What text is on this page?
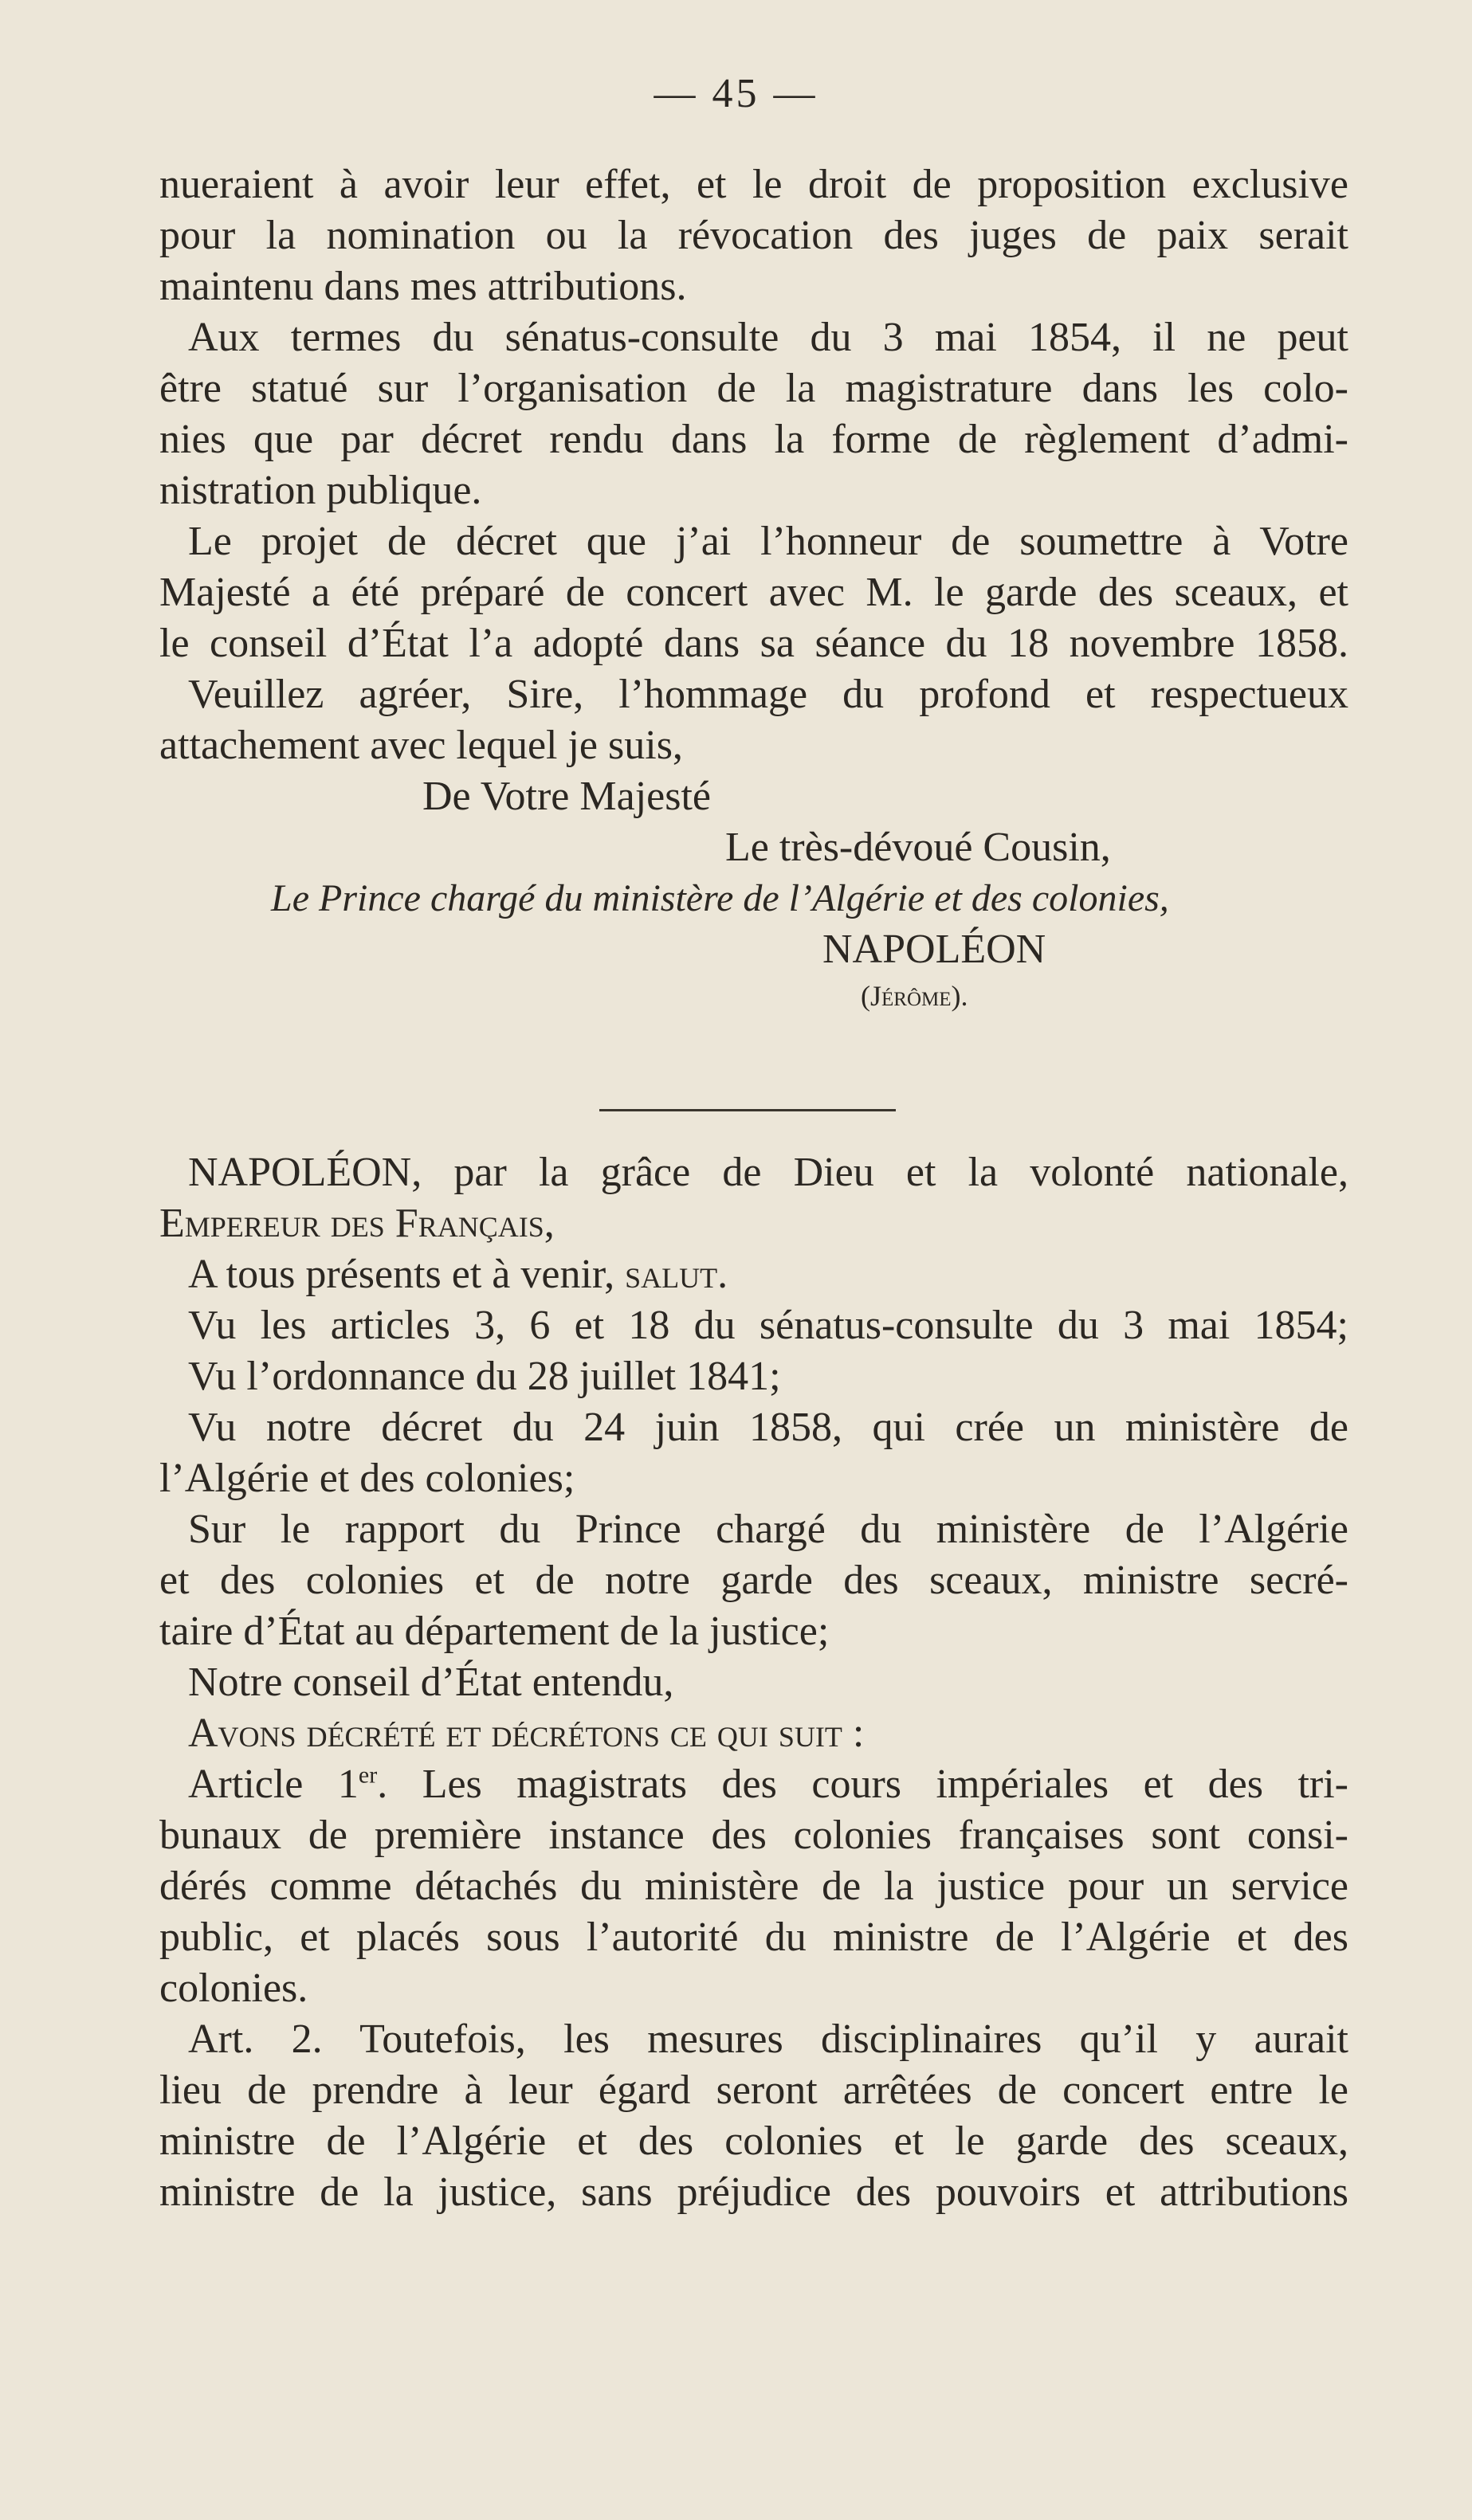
— 45 —
nueraient à avoir leur effet, et le droit de proposition exclusive
pour la nomination ou la révocation des juges de paix serait
maintenu dans mes attributions.
Aux termes du sénatus-consulte du 3 mai 1854, il ne peut
être statué sur l’organisation de la magistrature dans les colo-
nies que par décret rendu dans la forme de règlement d’admi-
nistration publique.
Le projet de décret que j’ai l’honneur de soumettre à Votre
Majesté a été préparé de concert avec M. le garde des sceaux, et
le conseil d’État l’a adopté dans sa séance du 18 novembre 1858.
Veuillez agréer, Sire, l’hommage du profond et respectueux
attachement avec lequel je suis,
De Votre Majesté
Le très-dévoué Cousin,
Le Prince chargé du ministère de l’Algérie et des colonies,
NAPOLÉON
(Jérôme).
NAPOLÉON, par la grâce de Dieu et la volonté nationale,
Empereur des Français,
A tous présents et à venir, salut.
Vu les articles 3, 6 et 18 du sénatus-consulte du 3 mai 1854;
Vu l’ordonnance du 28 juillet 1841;
Vu notre décret du 24 juin 1858, qui crée un ministère de
l’Algérie et des colonies;
Sur le rapport du Prince chargé du ministère de l’Algérie
et des colonies et de notre garde des sceaux, ministre secré-
taire d’État au département de la justice;
Notre conseil d’État entendu,
Avons décrété et décrétons ce qui suit :
Article 1er. Les magistrats des cours impériales et des tri-
bunaux de première instance des colonies françaises sont consi-
dérés comme détachés du ministère de la justice pour un service
public, et placés sous l’autorité du ministre de l’Algérie et des
colonies.
Art. 2. Toutefois, les mesures disciplinaires qu’il y aurait
lieu de prendre à leur égard seront arrêtées de concert entre le
ministre de l’Algérie et des colonies et le garde des sceaux,
ministre de la justice, sans préjudice des pouvoirs et attributions
